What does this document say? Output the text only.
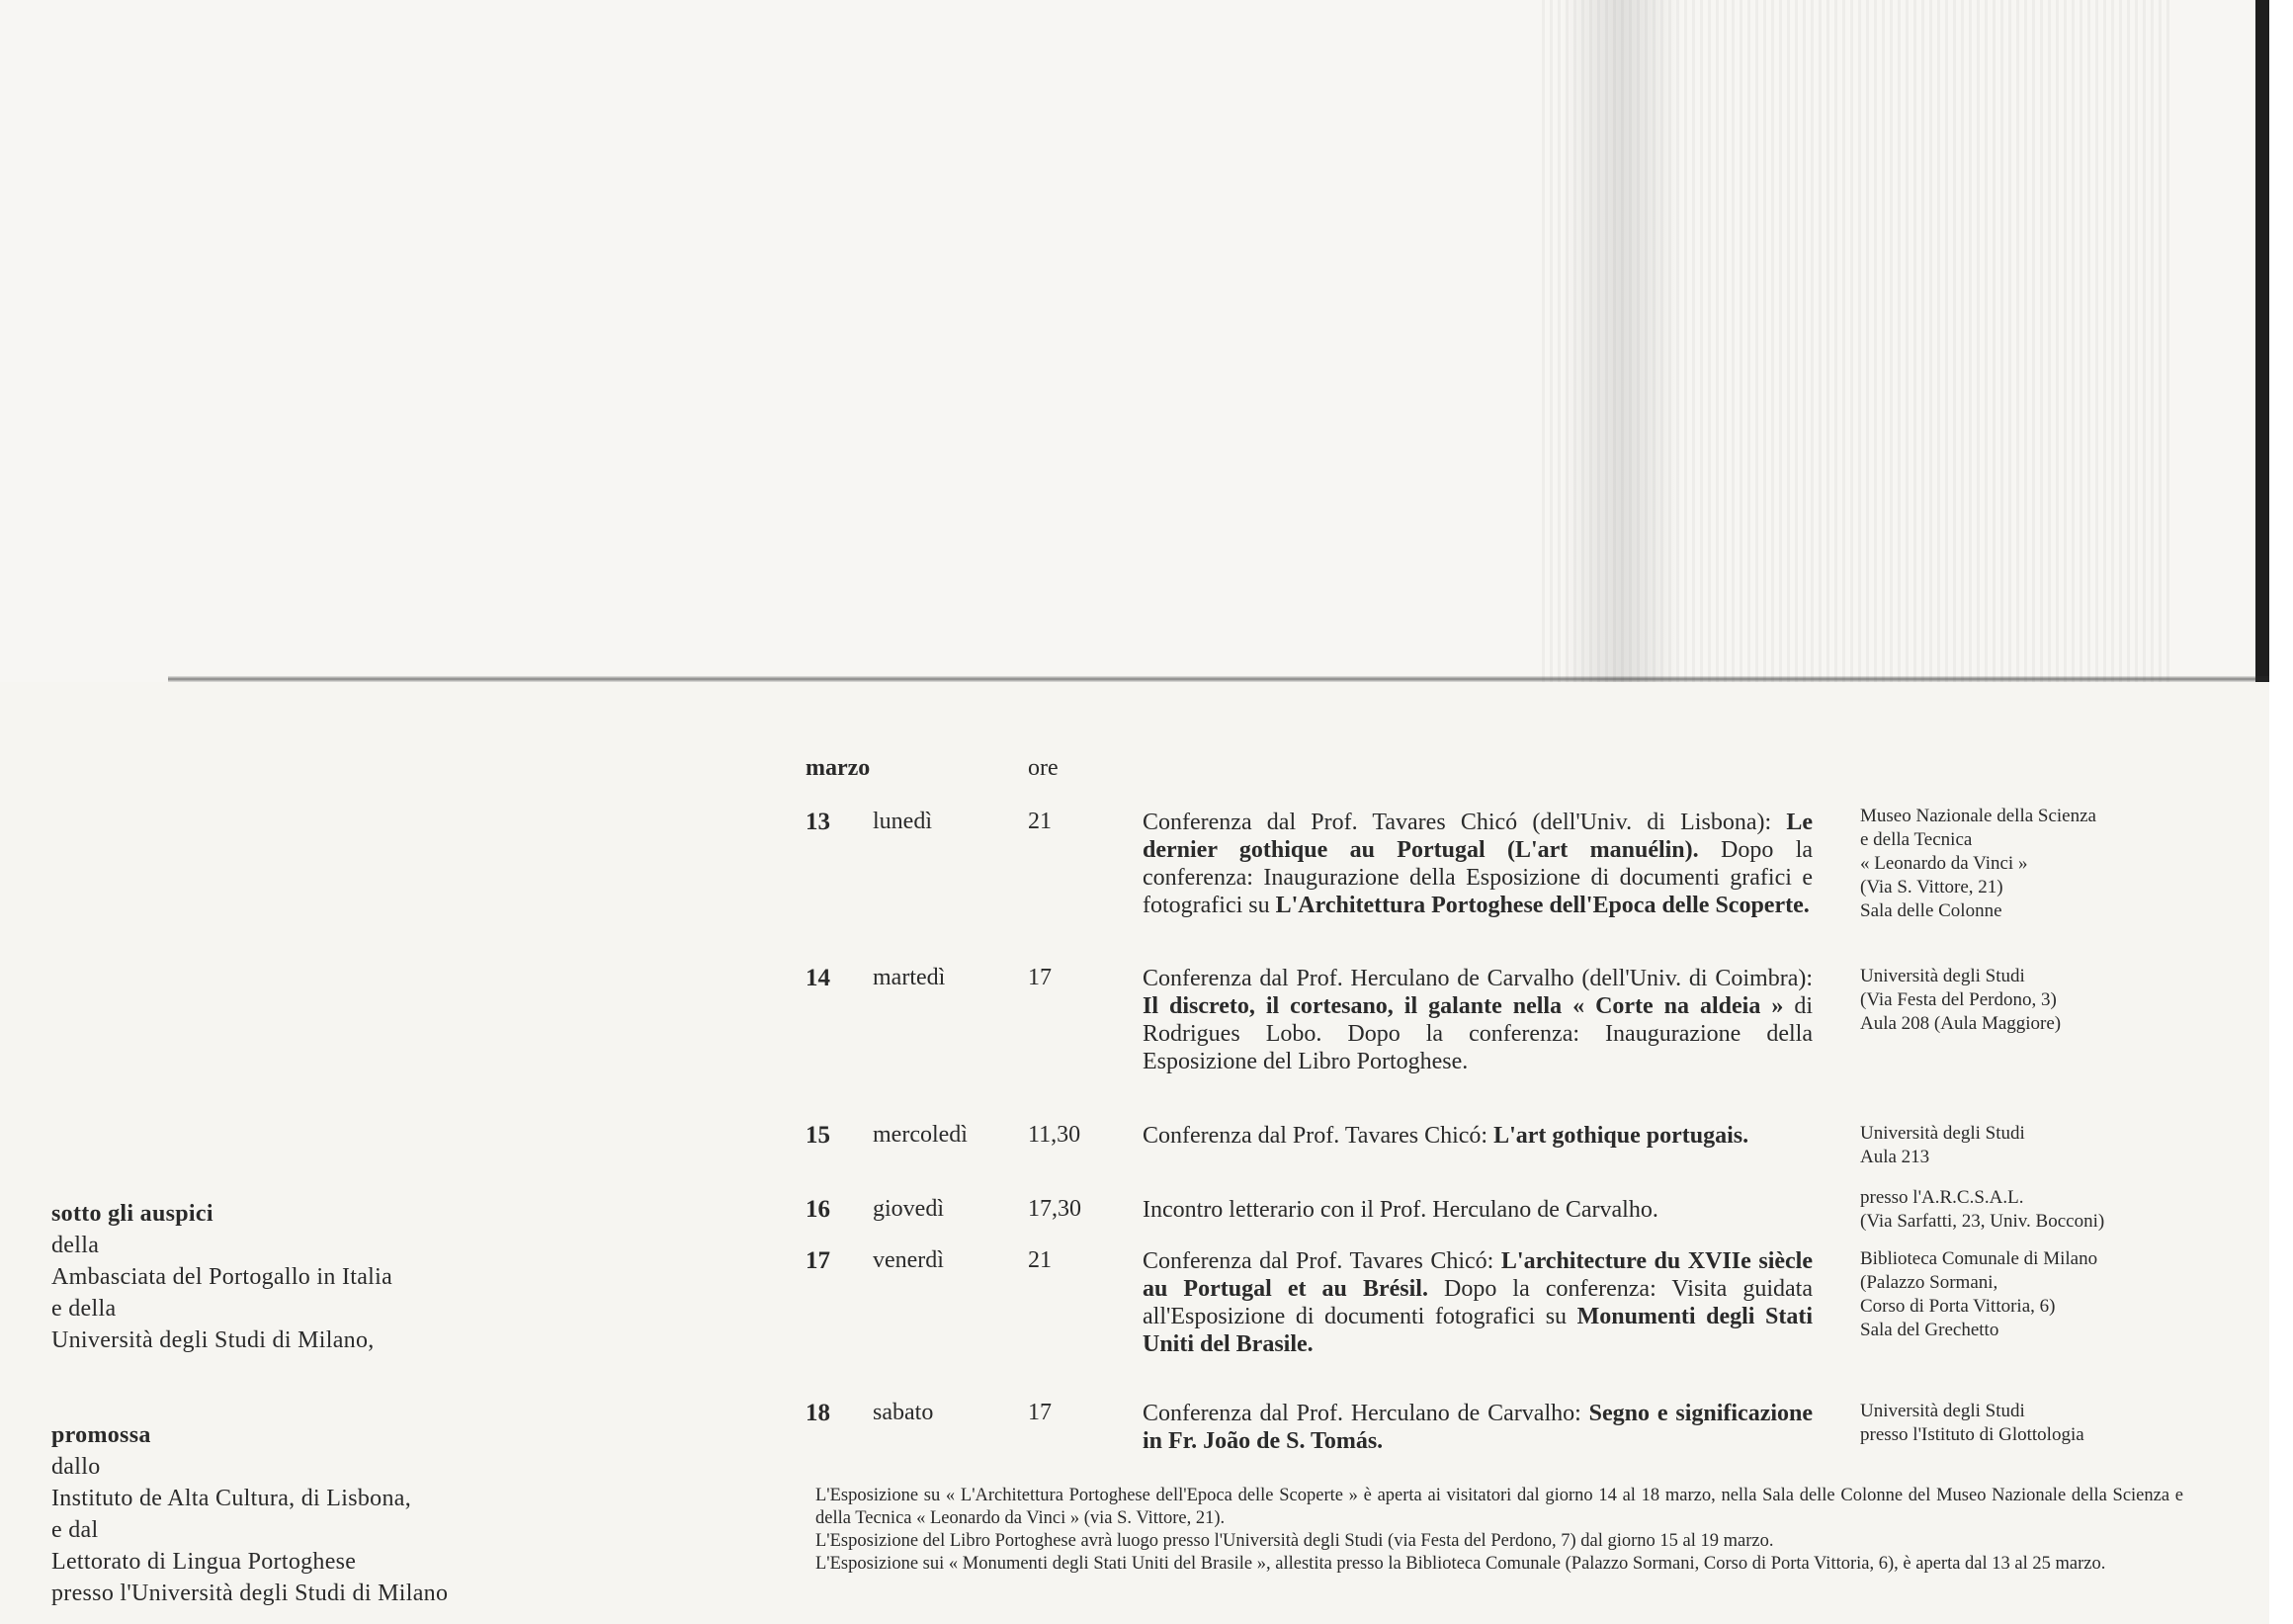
sotto gli auspici
della
Ambasciata del Portogallo in Italia
e della
Università degli Studi di Milano,
promossa
dallo
Instituto de Alta Cultura, di Lisbona,
e dal
Lettorato di Lingua Portoghese
presso l'Università degli Studi di Milano
marzo	ore
13 lunedì	21	Conferenza dal Prof. Tavares Chicó (dell'Univ. di Lisbona): Le dernier gothique au Portugal (L'art manuélin). Dopo la conferenza: Inaugurazione della Esposizione di documenti grafici e fotografici su L'Architettura Portoghese dell'Epoca delle Scoperte.
Museo Nazionale della Scienza
e della Tecnica
« Leonardo da Vinci »
(Via S. Vittore, 21)
Sala delle Colonne
14 martedì	17	Conferenza dal Prof. Herculano de Carvalho (dell'Univ. di Coimbra): Il discreto, il cortesano, il galante nella « Corte na aldeia » di Rodrigues Lobo. Dopo la conferenza: Inaugurazione della Esposizione del Libro Portoghese.
Università degli Studi
(Via Festa del Perdono, 3)
Aula 208 (Aula Maggiore)
15 mercoledì	11,30	Conferenza dal Prof. Tavares Chicó: L'art gothique portugais.	Università degli Studi
Aula 213
16 giovedì	17,30	Incontro letterario con il Prof. Herculano de Carvalho.	presso l'A.R.C.S.A.L.
(Via Sarfatti, 23, Univ. Bocconi)
17 venerdì	21	Conferenza dal Prof. Tavares Chicó: L'architecture du XVIIe siècle au Portugal et au Brésil. Dopo la conferenza: Visita guidata all'Esposizione di documenti fotografici su Monumenti degli Stati Uniti del Brasile.
Biblioteca Comunale di Milano
(Palazzo Sormani,
Corso di Porta Vittoria, 6)
Sala del Grechetto
18 sabato	17	Conferenza dal Prof. Herculano de Carvalho: Segno e significazione in Fr. João de S. Tomás.
Università degli Studi
presso l'Istituto di Glottologia

L'Esposizione su « L'Architettura Portoghese dell'Epoca delle Scoperte » è aperta ai visitatori dal giorno 14 al 18 marzo, nella Sala delle Colonne del Museo Nazionale della Scienza e della Tecnica « Leonardo da Vinci » (via S. Vittore, 21).

L'Esposizione del Libro Portoghese avrà luogo presso l'Università degli Studi (via Festa del Perdono, 7) dal giorno 15 al 19 marzo.

L'Esposizione sui « Monumenti degli Stati Uniti del Brasile », allestita presso la Biblioteca Comunale (Palazzo Sormani, Corso di Porta Vittoria, 6), è aperta dal 13 al 25 marzo.
